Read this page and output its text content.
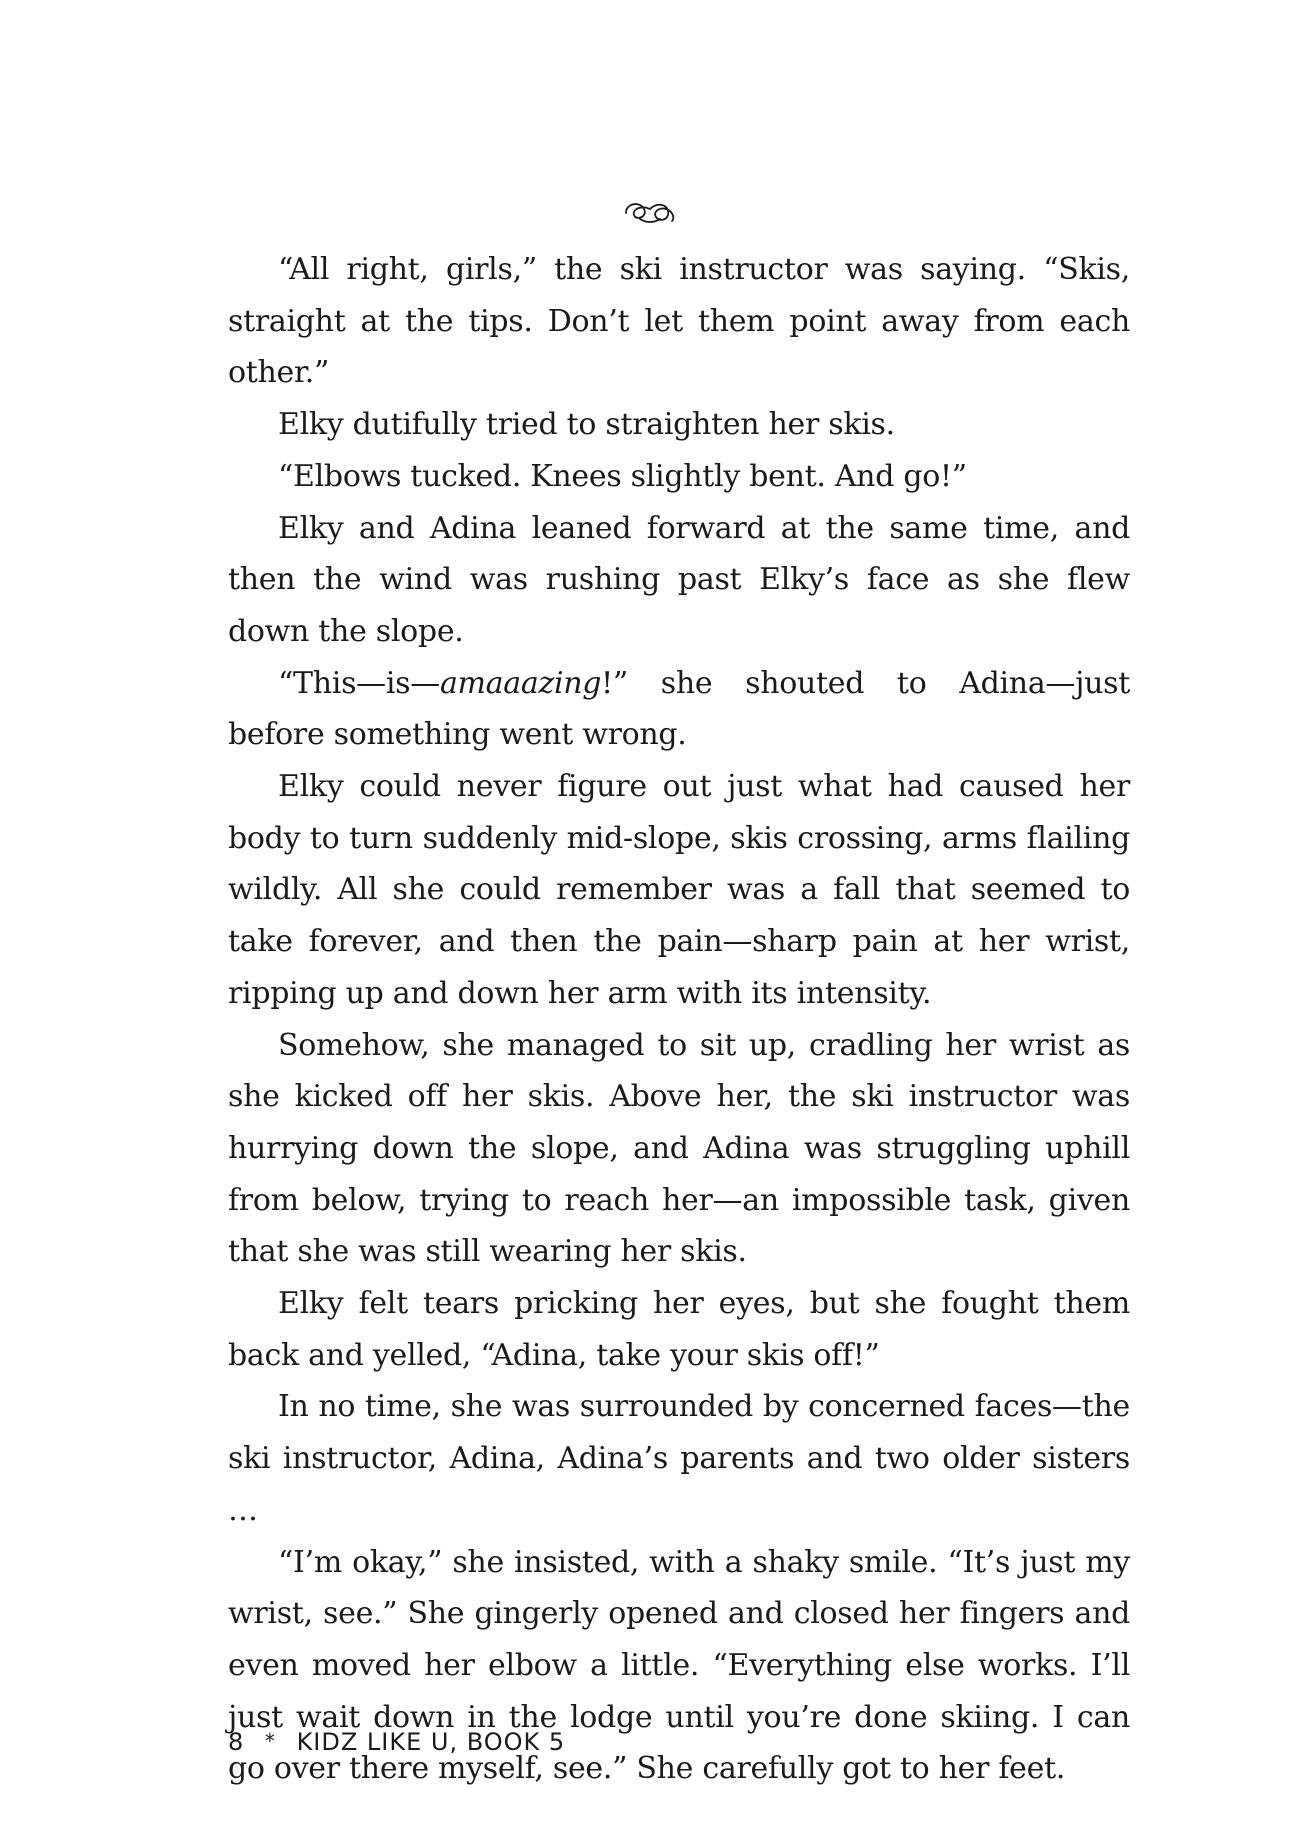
“All right, girls,” the ski instructor was saying. “Skis, straight at the tips. Don’t let them point away from each other.”

Elky dutifully tried to straighten her skis.

“Elbows tucked. Knees slightly bent. And go!”

Elky and Adina leaned forward at the same time, and then the wind was rushing past Elky’s face as she flew down the slope.

“This—is—amaaazing!” she shouted to Adina—just before something went wrong.

Elky could never figure out just what had caused her body to turn suddenly mid-slope, skis crossing, arms flailing wildly. All she could remember was a fall that seemed to take forever, and then the pain—sharp pain at her wrist, ripping up and down her arm with its intensity.

Somehow, she managed to sit up, cradling her wrist as she kicked off her skis. Above her, the ski instructor was hurrying down the slope, and Adina was struggling uphill from below, trying to reach her—an impossible task, given that she was still wearing her skis.

Elky felt tears pricking her eyes, but she fought them back and yelled, “Adina, take your skis off!”

In no time, she was surrounded by concerned faces—the ski instructor, Adina, Adina’s parents and two older sisters …

“I’m okay,” she insisted, with a shaky smile. “It’s just my wrist, see.” She gingerly opened and closed her fingers and even moved her elbow a little. “Everything else works. I’ll just wait down in the lodge until you’re done skiing. I can go over there myself, see.” She carefully got to her feet.

8 * KIDZ LIKE U, BOOK 5
